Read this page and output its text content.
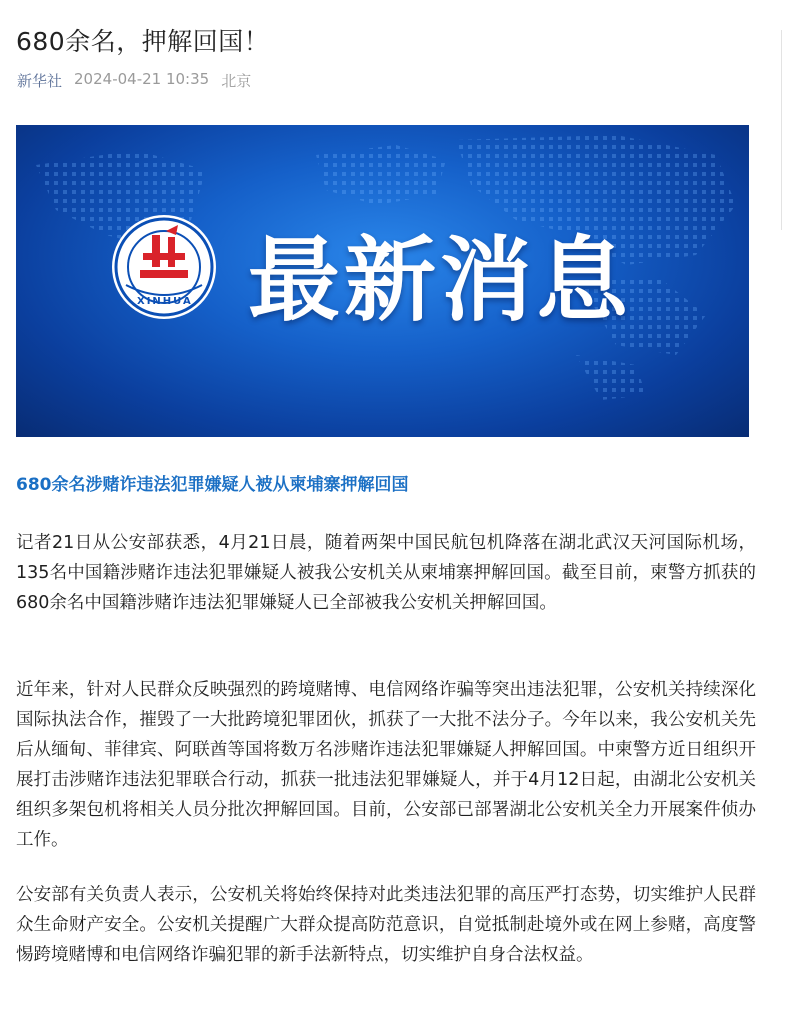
680余名，押解回国！
新华社 2024-04-21 10:35 北京
XINHUA 最新消息
680余名涉赌诈违法犯罪嫌疑人被从柬埔寨押解回国

记者21日从公安部获悉，4月21日晨，随着两架中国民航包机降落在湖北武汉天河国际机场，135名中国籍涉赌诈违法犯罪嫌疑人被我公安机关从柬埔寨押解回国。截至目前，柬警方抓获的680余名中国籍涉赌诈违法犯罪嫌疑人已全部被我公安机关押解回国。

近年来，针对人民群众反映强烈的跨境赌博、电信网络诈骗等突出违法犯罪，公安机关持续深化国际执法合作，摧毁了一大批跨境犯罪团伙，抓获了一大批不法分子。今年以来，我公安机关先后从缅甸、菲律宾、阿联酋等国将数万名涉赌诈违法犯罪嫌疑人押解回国。中柬警方近日组织开展打击涉赌诈违法犯罪联合行动，抓获一批违法犯罪嫌疑人，并于4月12日起，由湖北公安机关组织多架包机将相关人员分批次押解回国。目前，公安部已部署湖北公安机关全力开展案件侦办工作。

公安部有关负责人表示，公安机关将始终保持对此类违法犯罪的高压严打态势，切实维护人民群众生命财产安全。公安机关提醒广大群众提高防范意识，自觉抵制赴境外或在网上参赌，高度警惕跨境赌博和电信网络诈骗犯罪的新手法新特点，切实维护自身合法权益。
